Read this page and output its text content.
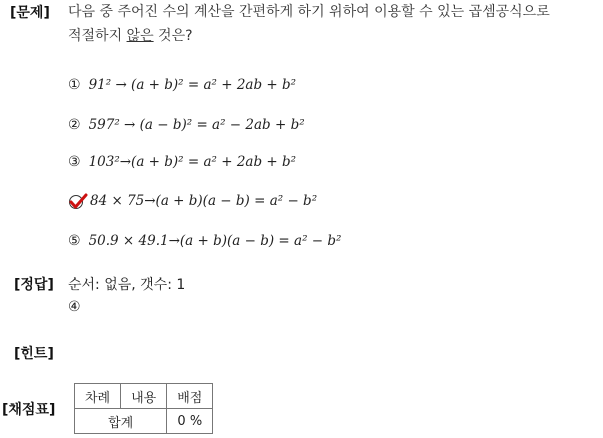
[문제]
[정답]
[힌트]
[채점표]
다음 중 주어진 수의 계산을 간편하게 하기 위하여 이용할 수 있는 곱셈공식으로
적절하지 않은 것은?
① 91² → (a + b)² = a² + 2ab + b²
② 597² → (a − b)² = a² − 2ab + b²
③ 103²→(a + b)² = a² + 2ab + b²
84 × 75→(a + b)(a − b) = a² − b²
⑤ 50.9 × 49.1→(a + b)(a − b) = a² − b²
순서: 없음, 갯수: 1
④
차례	내용	배점
합계		0 %
